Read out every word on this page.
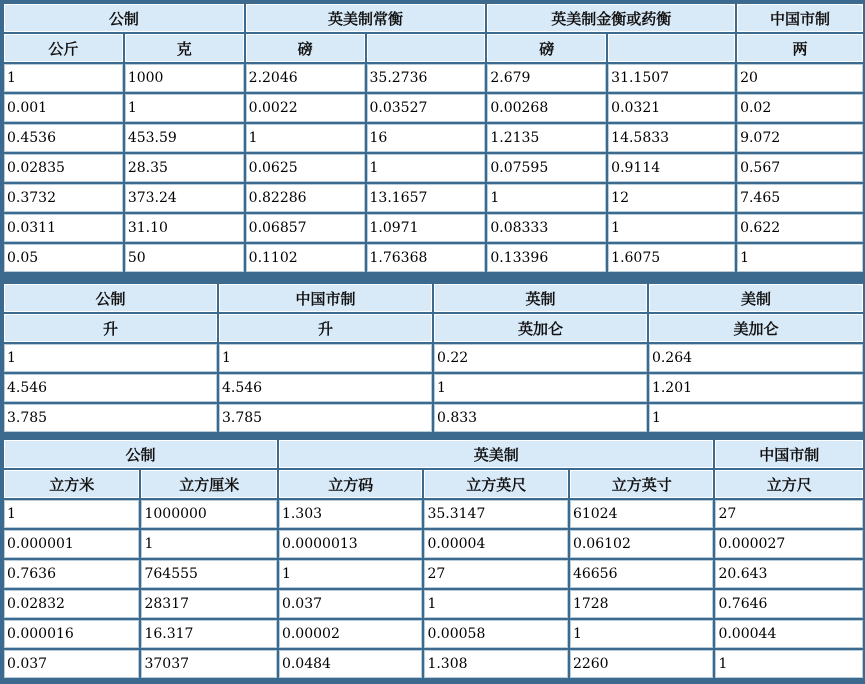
公制		英美制常衡		英美制金衡或药衡		中国市制
公斤	克	磅		磅		两
1	1000	2.2046	35.2736	2.679	31.1507	20
0.001	1	0.0022	0.03527	0.00268	0.0321	0.02
0.4536	453.59	1	16	1.2135	14.5833	9.072
0.02835	28.35	0.0625	1	0.07595	0.9114	0.567
0.3732	373.24	0.82286	13.1657	1	12	7.465
0.0311	31.10	0.06857	1.0971	0.08333	1	0.622
0.05	50	0.1102	1.76368	0.13396	1.6075	1
公制	中国市制	英制	美制
升	升	英加仑	美加仑
1	1	0.22	0.264
4.546	4.546	1	1.201
3.785	3.785	0.833	1
公制		英美制			中国市制
立方米	立方厘米	立方码	立方英尺	立方英寸	立方尺
1	1000000	1.303	35.3147	61024	27
0.000001	1	0.0000013	0.00004	0.06102	0.000027
0.7636	764555	1	27	46656	20.643
0.02832	28317	0.037	1	1728	0.7646
0.000016	16.317	0.00002	0.00058	1	0.00044
0.037	37037	0.0484	1.308	2260	1
